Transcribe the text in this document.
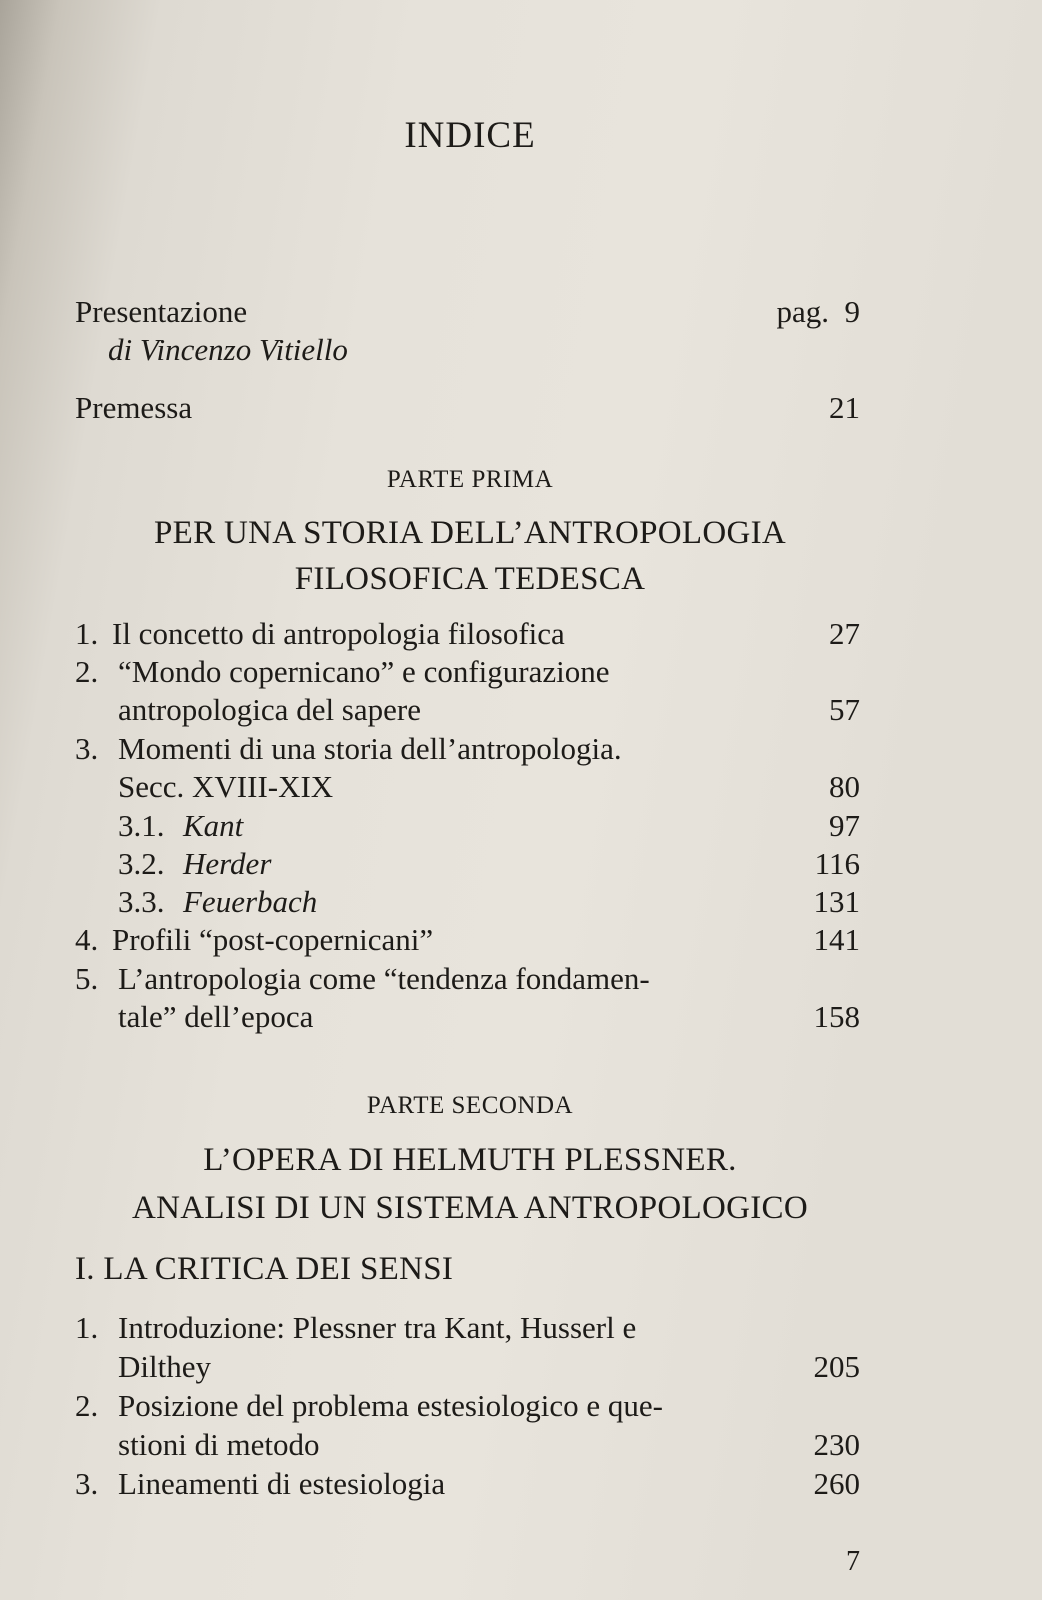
INDICE
Presentazione	pag. 9
di Vincenzo Vitiello
Premessa	21
PARTE PRIMA
PER UNA STORIA DELL’ANTROPOLOGIA
FILOSOFICA TEDESCA
1. Il concetto di antropologia filosofica	27
2. “Mondo copernicano” e configurazione
antropologica del sapere	57
3. Momenti di una storia dell’antropologia.
Secc. XVIII-XIX	80
3.1. Kant	97
3.2. Herder	116
3.3. Feuerbach	131
4. Profili “post-copernicani”	141
5. L’antropologia come “tendenza fondamen-
tale” dell’epoca	158
PARTE SECONDA
L’OPERA DI HELMUTH PLESSNER.
ANALISI DI UN SISTEMA ANTROPOLOGICO
I. LA CRITICA DEI SENSI
1. Introduzione: Plessner tra Kant, Husserl e
Dilthey	205
2. Posizione del problema estesiologico e que-
stioni di metodo	230
3. Lineamenti di estesiologia	260
7
